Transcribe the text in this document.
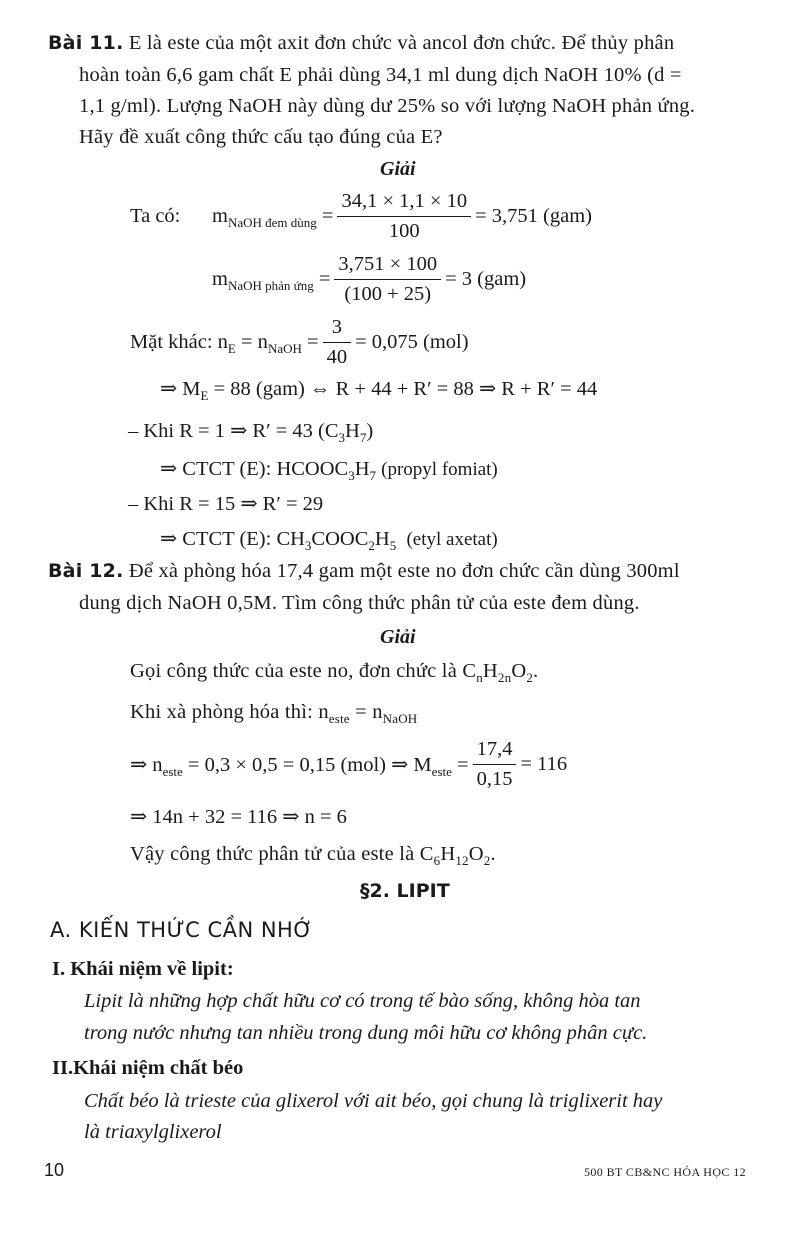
Bài 11. E là este của một axit đơn chức và ancol đơn chức. Để thủy phân
hoàn toàn 6,6 gam chất E phải dùng 34,1 ml dung dịch NaOH 10% (d =
1,1 g/ml). Lượng NaOH này dùng dư 25% so với lượng NaOH phản ứng.
Hãy đề xuất công thức cấu tạo đúng của E?
Giải
Ta có: $m_{NaOH đem dùng} = \frac{34,1 \times 1,1 \times 10}{100} = 3,751$ (gam)
$m_{NaOH phản ứng} = \frac{3,751 \times 100}{(100 + 25)} = 3$ (gam)
Mặt khác: $n_E = n_{NaOH} = \frac{3}{40} = 0,075$ (mol)
⇒ $M_E = 88$ (gam) ⇔ R + 44 + R′ = 88 ⇒ R + R′ = 44
– Khi R = 1 ⇒ R′ = 43 $(C_3H_7)$
⇒ CTCT (E): $HCOOC_3H_7$ (propyl fomiat)
– Khi R = 15 ⇒ R′ = 29
⇒ CTCT (E): $CH_3COOC_2H_5$ (etyl axetat)
Bài 12. Để xà phòng hóa 17,4 gam một este no đơn chức cần dùng 300ml
dung dịch NaOH 0,5M. Tìm công thức phân tử của este đem dùng.
Giải
Gọi công thức của este no, đơn chức là $C_nH_{2n}O_2$.
Khi xà phòng hóa thì: $n_{este} = n_{NaOH}$
⇒ $n_{este} = 0,3 \times 0,5 = 0,15$ (mol) ⇒ $M_{este} = \frac{17,4}{0,15} = 116$
⇒ 14n + 32 = 116 ⇒ n = 6
Vậy công thức phân tử của este là $C_6H_{12}O_2$.
§2. LIPIT
A. KIẾN THỨC CẦN NHỚ
I. Khái niệm về lipit:
Lipit là những hợp chất hữu cơ có trong tế bào sống, không hòa tan
trong nước nhưng tan nhiều trong dung môi hữu cơ không phân cực.
II.Khái niệm chất béo
Chất béo là trieste của glixerol với ait béo, gọi chung là triglixerit hay
là triaxylglixerol
10	500 BT CB&NC HÓA HỌC 12
